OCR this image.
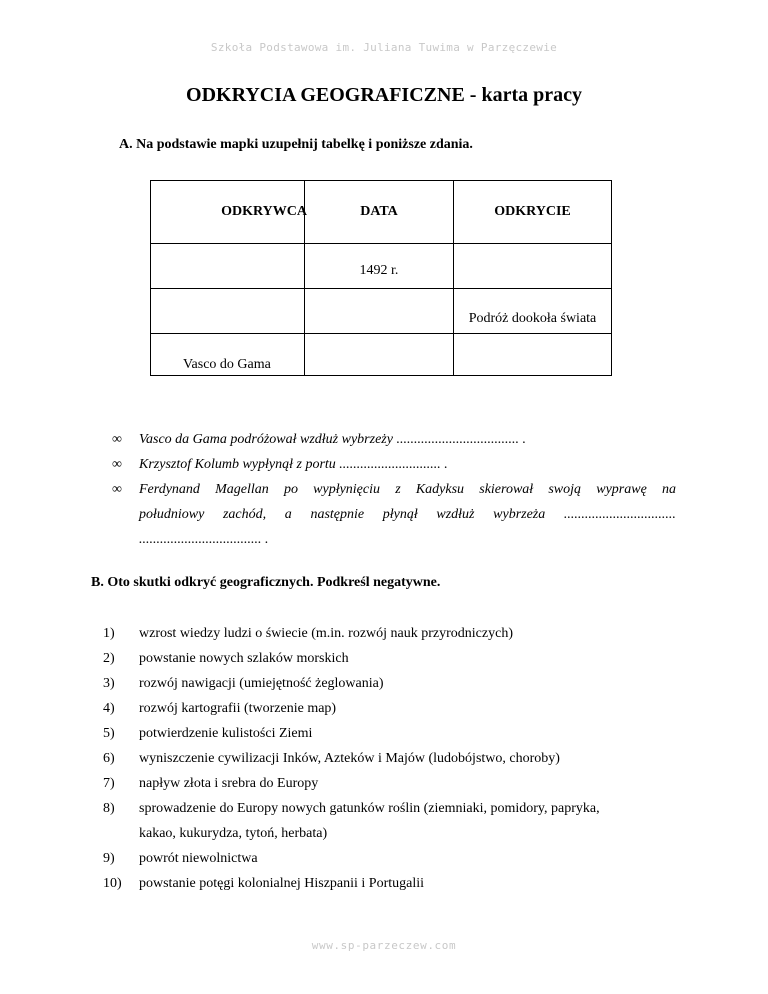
Szkoła Podstawowa im. Juliana Tuwima w Parzęczewie
ODKRYCIA GEOGRAFICZNE - karta pracy
A. Na podstawie mapki uzupełnij tabelkę i poniższe zdania.
ODKRYWCA	DATA	ODKRYCIE
	1492 r.	
		Podróż dookoła świata
Vasco do Gama		
∞ Vasco da Gama podróżował wzdłuż wybrzeży ................................... .
∞ Krzysztof Kolumb wypłynął z portu ............................. .
∞ Ferdynand Magellan po wypłynięciu z Kadyksu skierował swoją wyprawę na
południowy zachód, a następnie płynął wzdłuż wybrzeża ................................
................................... .
B. Oto skutki odkryć geograficznych. Podkreśl negatywne.
1) wzrost wiedzy ludzi o świecie (m.in. rozwój nauk przyrodniczych)
2) powstanie nowych szlaków morskich
3) rozwój nawigacji (umiejętność żeglowania)
4) rozwój kartografii (tworzenie map)
5) potwierdzenie kulistości Ziemi
6) wyniszczenie cywilizacji Inków, Azteków i Majów (ludobójstwo, choroby)
7) napływ złota i srebra do Europy
8) sprowadzenie do Europy nowych gatunków roślin (ziemniaki, pomidory, papryka,
kakao, kukurydza, tytoń, herbata)
9) powrót niewolnictwa
10) powstanie potęgi kolonialnej Hiszpanii i Portugalii
www.sp-parzeczew.com
